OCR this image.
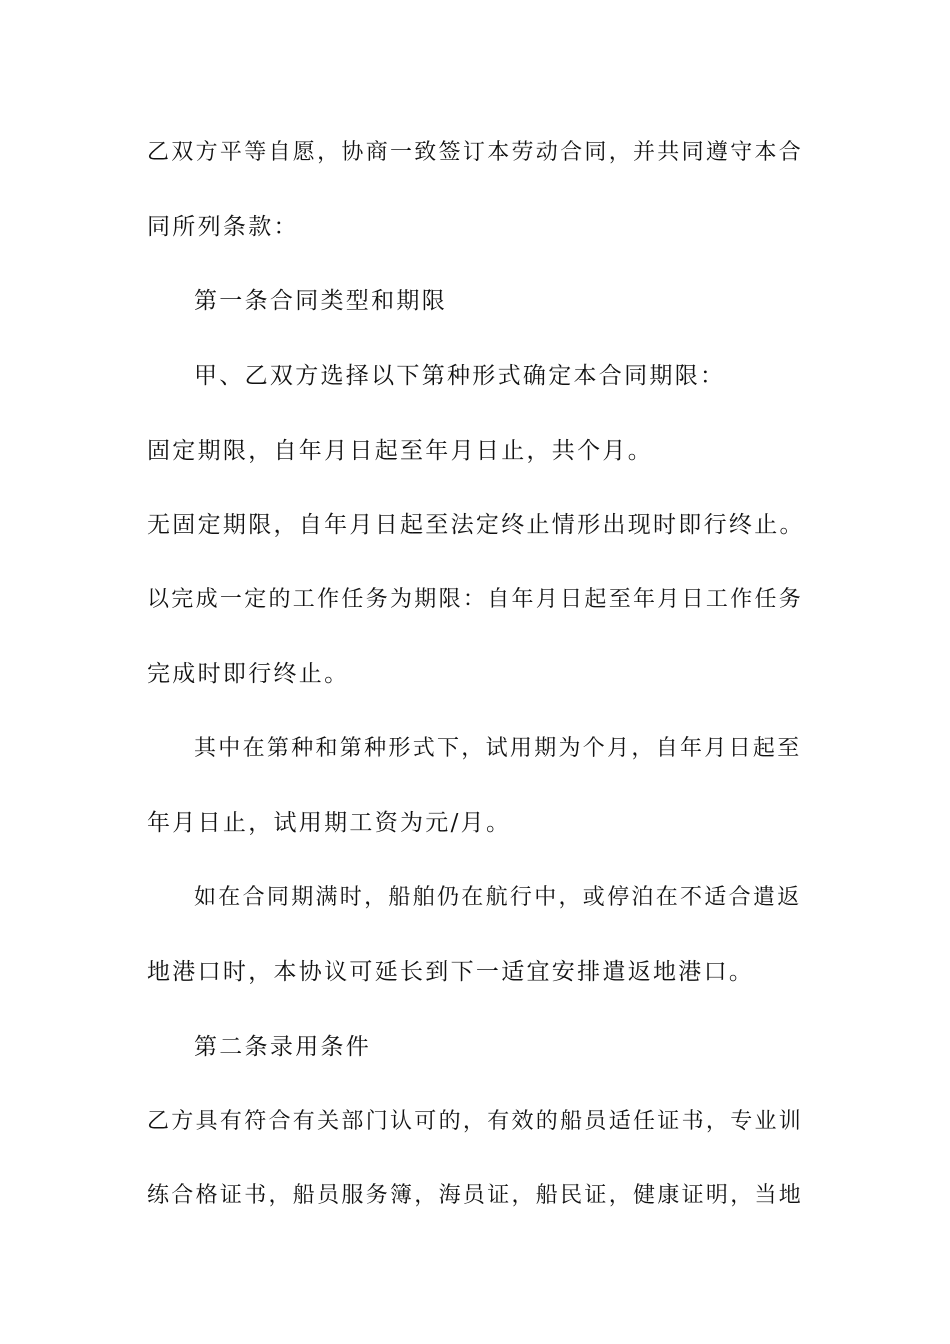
乙双方平等自愿，协商一致签订本劳动合同，并共同遵守本合
同所列条款：
第一条合同类型和期限
甲、乙双方选择以下第种形式确定本合同期限：
固定期限，自年月日起至年月日止，共个月。
无固定期限，自年月日起至法定终止情形出现时即行终止。
以完成一定的工作任务为期限：自年月日起至年月日工作任务
完成时即行终止。
其中在第种和第种形式下，试用期为个月，自年月日起至
年月日止，试用期工资为元/月。
如在合同期满时，船舶仍在航行中，或停泊在不适合遣返
地港口时，本协议可延长到下一适宜安排遣返地港口。
第二条录用条件
乙方具有符合有关部门认可的，有效的船员适任证书，专业训
练合格证书，船员服务簿，海员证，船民证，健康证明，当地
